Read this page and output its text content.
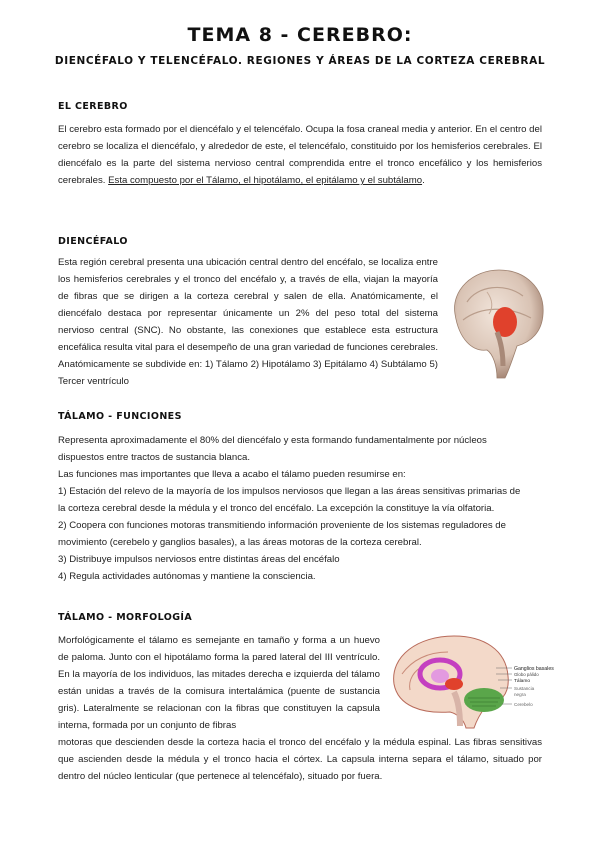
TEMA 8 - CEREBRO:
DIENCÉFALO Y TELENCÉFALO. REGIONES Y ÁREAS DE LA CORTEZA CEREBRAL
EL CEREBRO
El cerebro esta formado por el diencéfalo y el telencéfalo. Ocupa la fosa craneal media y anterior. En el centro del cerebro se localiza el diencéfalo, y alrededor de este, el telencéfalo, constituido por los hemisferios cerebrales. El diencéfalo es la parte del sistema nervioso central comprendida entre el tronco encefálico y los hemisferios cerebrales. Esta compuesto por el Tálamo, el hipotálamo, el epitálamo y el subtálamo.
DIENCÉFALO
Esta región cerebral presenta una ubicación central dentro del encéfalo, se localiza entre los hemisferios cerebrales y el tronco del encéfalo y, a través de ella, viajan la mayoría de fibras que se dirigen a la corteza cerebral y salen de ella. Anatómicamente, el diencéfalo destaca por representar únicamente un 2% del peso total del sistema nervioso central (SNC). No obstante, las conexiones que establece esta estructura encefálica resulta vital para el desempeño de una gran variedad de funciones cerebrales. Anatómicamente se subdivide en: 1) Tálamo 2) Hipotálamo 3) Epitálamo 4) Subtálamo 5) Tercer ventrículo
TÁLAMO - FUNCIONES
Representa aproximadamente el 80% del diencéfalo y esta formando fundamentalmente por núcleos
dispuestos entre tractos de sustancia blanca.
Las funciones mas importantes que lleva a acabo el tálamo pueden resumirse en:
1) Estación del relevo de la mayoría de los impulsos nerviosos que llegan a las áreas sensitivas primarias de
la corteza cerebral desde la médula y el tronco del encéfalo. La excepción la constituye la vía olfatoria.
2) Coopera con funciones motoras transmitiendo información proveniente de los sistemas reguladores de
movimiento (cerebelo y ganglios basales), a las áreas motoras de la corteza cerebral.
3) Distribuye impulsos nerviosos entre distintas áreas del encéfalo
4) Regula actividades autónomas y mantiene la consciencia.
TÁLAMO - MORFOLOGÍA
Morfológicamente el tálamo es semejante en tamaño y forma a un huevo de paloma. Junto con el hipotálamo forma la pared lateral del III ventrículo. En la mayoría de los individuos, las mitades derecha e izquierda del tálamo están unidas a través de la comisura intertalámica (puente de sustancia gris). Lateralmente se relacionan con la fibras que constituyen la capsula interna, formada por un conjunto de fibras
motoras que descienden desde la corteza hacia el tronco del encéfalo y la médula espinal. Las fibras sensitivas que ascienden desde la médula y el tronco hacia el córtex. La capsula interna separa el tálamo, situado por dentro del núcleo lenticular (que pertenece al telencéfalo), situado por fuera.
Ganglios basales
Globo pálido
Tálamo
Sustancia
negra
Cerebelo
